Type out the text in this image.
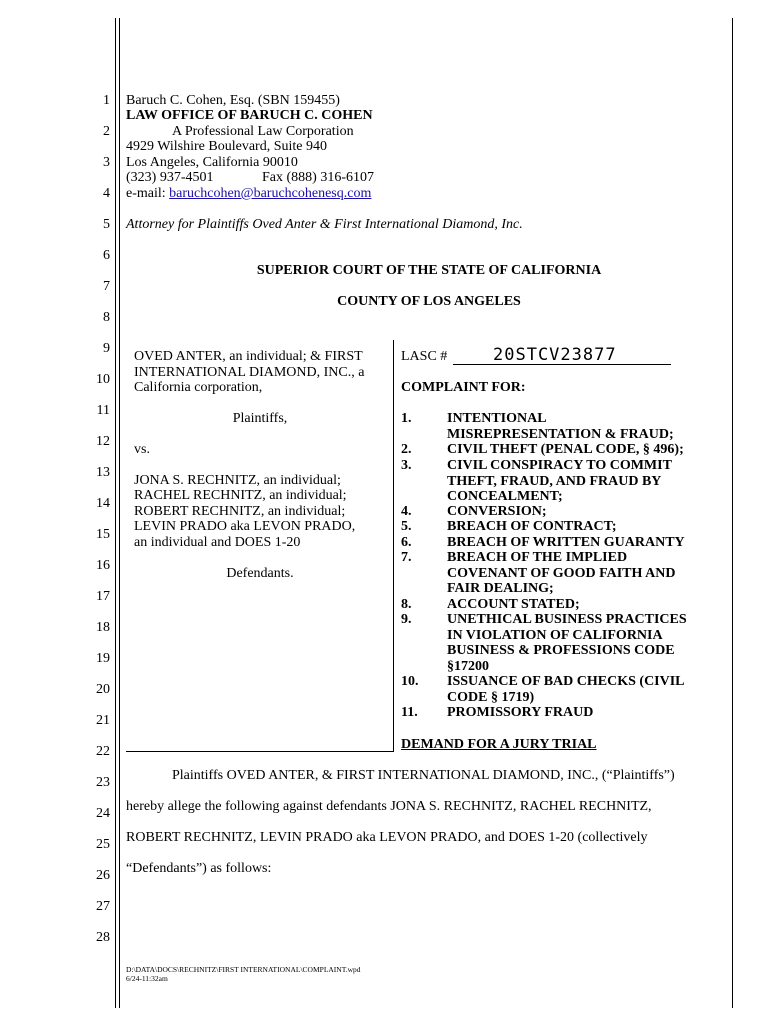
1
2
3
4
5
6
7
8
9
10
11
12
13
14
15
16
17
18
19
20
21
22
23
24
25
26
27
28
Baruch C. Cohen, Esq. (SBN 159455)
LAW OFFICE OF BARUCH C. COHEN
A Professional Law Corporation
4929 Wilshire Boulevard, Suite 940
Los Angeles, California 90010
(323) 937-4501	Fax (888) 316-6107
e-mail: baruchcohen@baruchcohenesq.com
Attorney for Plaintiffs Oved Anter & First International Diamond, Inc.
SUPERIOR COURT OF THE STATE OF CALIFORNIA
COUNTY OF LOS ANGELES
OVED ANTER, an individual; & FIRST
INTERNATIONAL DIAMOND, INC., a
California corporation,
Plaintiffs,
vs.
JONA S. RECHNITZ, an individual;
RACHEL RECHNITZ, an individual;
ROBERT RECHNITZ, an individual;
LEVIN PRADO aka LEVON PRADO,
an individual and DOES 1-20
Defendants.
LASC #	20STCV23877
COMPLAINT FOR:
1.	INTENTIONAL
MISREPRESENTATION & FRAUD;
2.	CIVIL THEFT (PENAL CODE, § 496);
3.	CIVIL CONSPIRACY TO COMMIT
THEFT, FRAUD, AND FRAUD BY
CONCEALMENT;
4.	CONVERSION;
5.	BREACH OF CONTRACT;
6.	BREACH OF WRITTEN GUARANTY
7.	BREACH OF THE IMPLIED
COVENANT OF GOOD FAITH AND
FAIR DEALING;
8.	ACCOUNT STATED;
9.	UNETHICAL BUSINESS PRACTICES
IN VIOLATION OF CALIFORNIA
BUSINESS & PROFESSIONS CODE
§17200
10. ISSUANCE OF BAD CHECKS (CIVIL
CODE § 1719)
11. PROMISSORY FRAUD
DEMAND FOR A JURY TRIAL
Plaintiffs OVED ANTER, & FIRST INTERNATIONAL DIAMOND, INC., (“Plaintiffs”)
hereby allege the following against defendants JONA S. RECHNITZ, RACHEL RECHNITZ,
ROBERT RECHNITZ, LEVIN PRADO aka LEVON PRADO, and DOES 1-20 (collectively
“Defendants”) as follows:
D:\DATA\DOCS\RECHNITZ\FIRST INTERNATIONAL\COMPLAINT.wpd
6/24-11:32am
